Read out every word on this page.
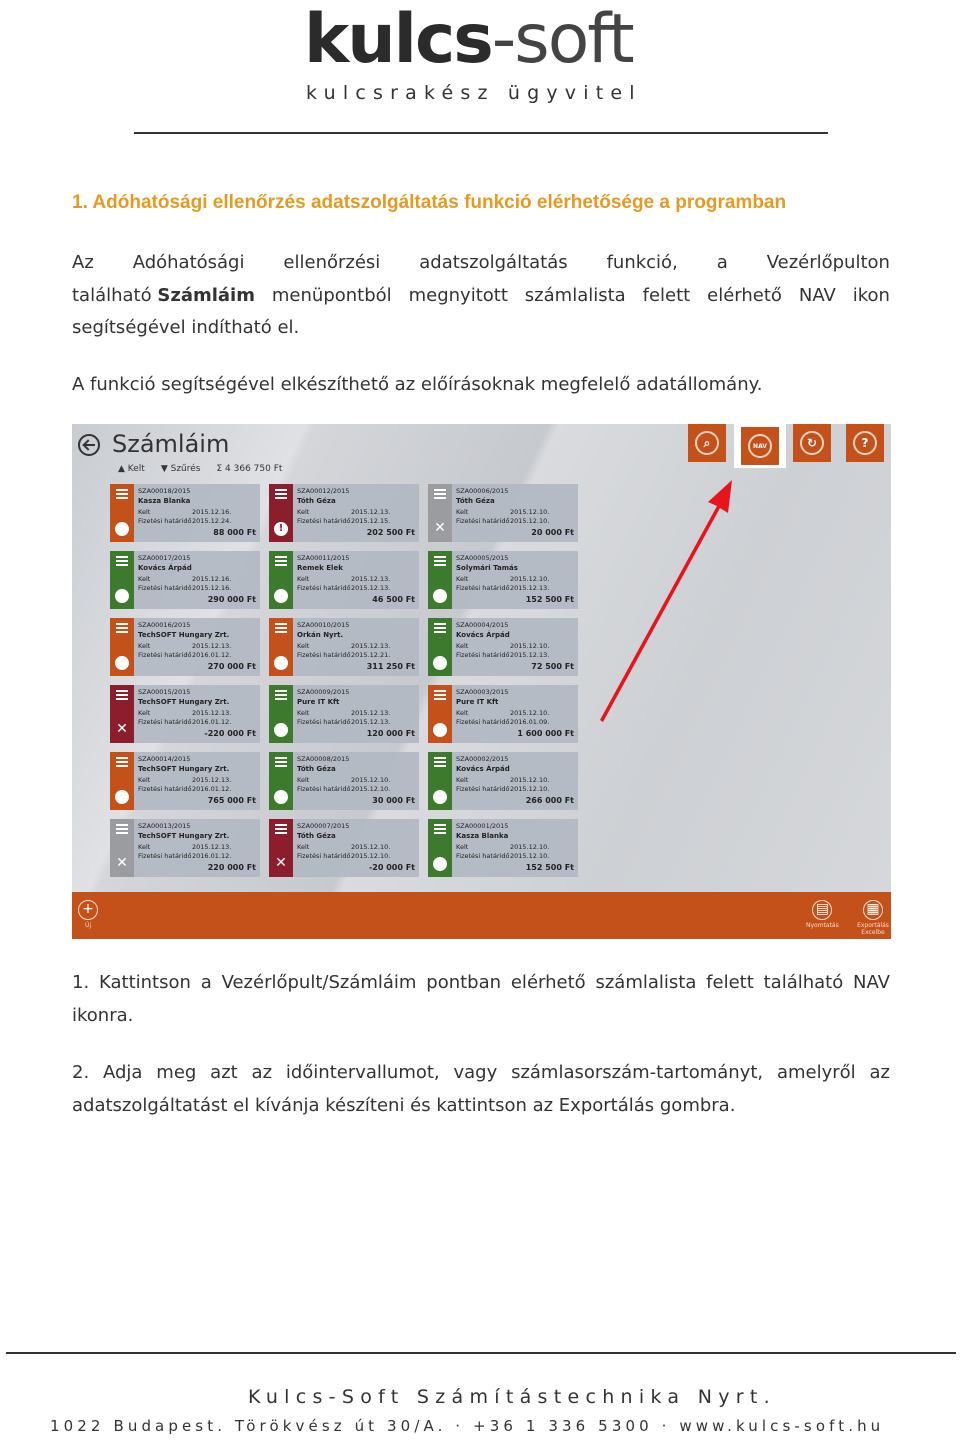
kulcs-soft
kulcsrakész ügyvitel
1. Adóhatósági ellenőrzés adatszolgáltatás funkció elérhetősége a programban
Az Adóhatósági ellenőrzési adatszolgáltatás funkció, a Vezérlőpulton
található Számláim menüpontból megnyitott számlalista felett elérhető NAV ikon
segítségével indítható el.
A funkció segítségével elkészíthető az előírásoknak megfelelő adatállomány.
Számláim
▲ Kelt ▼ Szűrés Σ 4 366 750 Ft
⌕	NAV	↻	?
SZA00018/2015
Kasza Blanka
Kelt
Fizetési határidő
2015.12.16.
2015.12.24.
88 000 Ft	!
SZA00012/2015
Tóth Géza
Kelt
Fizetési határidő
2015.12.13.
2015.12.15.
202 500 Ft ✕
SZA00006/2015
Tóth Géza
Kelt
Fizetési határidő
2015.12.10.
2015.12.10.
20 000 Ft
SZA00017/2015
Kovács Árpád
Kelt
Fizetési határidő
2015.12.16.
2015.12.16.
290 000 Ft
SZA00011/2015
Remek Elek
Kelt
Fizetési határidő
2015.12.13.
2015.12.13.
46 500 Ft
SZA00005/2015
Solymári Tamás
Kelt
Fizetési határidő
2015.12.10.
2015.12.13.
152 500 Ft
SZA00016/2015
TechSOFT Hungary Zrt.
Kelt
Fizetési határidő
2015.12.13.
2016.01.12.
270 000 Ft
SZA00010/2015
Orkán Nyrt.
Kelt
Fizetési határidő
2015.12.13.
2015.12.21.
311 250 Ft
SZA00004/2015
Kovács Árpád
Kelt
Fizetési határidő
2015.12.10.
2015.12.13.
72 500 Ft
✕
SZA00015/2015
TechSOFT Hungary Zrt.
Kelt
Fizetési határidő
2015.12.13.
2016.01.12.
-220 000 Ft
SZA00009/2015
Pure IT Kft
Kelt
Fizetési határidő
2015.12.13.
2015.12.13.
120 000 Ft
SZA00003/2015
Pure IT Kft
Kelt
Fizetési határidő
2015.12.10.
2016.01.09.
1 600 000 Ft
SZA00014/2015
TechSOFT Hungary Zrt.
Kelt
Fizetési határidő
2015.12.13.
2016.01.12.
765 000 Ft
SZA00008/2015
Tóth Géza
Kelt
Fizetési határidő
2015.12.10.
2015.12.10.
30 000 Ft
SZA00002/2015
Kovács Árpád
Kelt
Fizetési határidő
2015.12.10.
2015.12.10.
266 000 Ft
✕
SZA00013/2015
TechSOFT Hungary Zrt.
Kelt
Fizetési határidő
2015.12.13.
2016.01.12.
220 000 Ft ✕
SZA00007/2015
Tóth Géza
Kelt
Fizetési határidő
2015.12.10.
2015.12.10.
-20 000 Ft
SZA00001/2015
Kasza Blanka
Kelt
Fizetési határidő
2015.12.10.
2015.12.10.
152 500 Ft
+
Új
▤
Nyomtatás
▦
Exportálás Excelbe
1. Kattintson a Vezérlőpult/Számláim pontban elérhető számlalista felett található NAV ikonra.
2. Adja meg azt az időintervallumot, vagy számlasorszám-tartományt, amelyről az adatszolgáltatást el kívánja készíteni és kattintson az Exportálás gombra.
Kulcs-Soft Számítástechnika Nyrt.
1022 Budapest. Törökvész út 30/A. · +36 1 336 5300 · www.kulcs-soft.hu
